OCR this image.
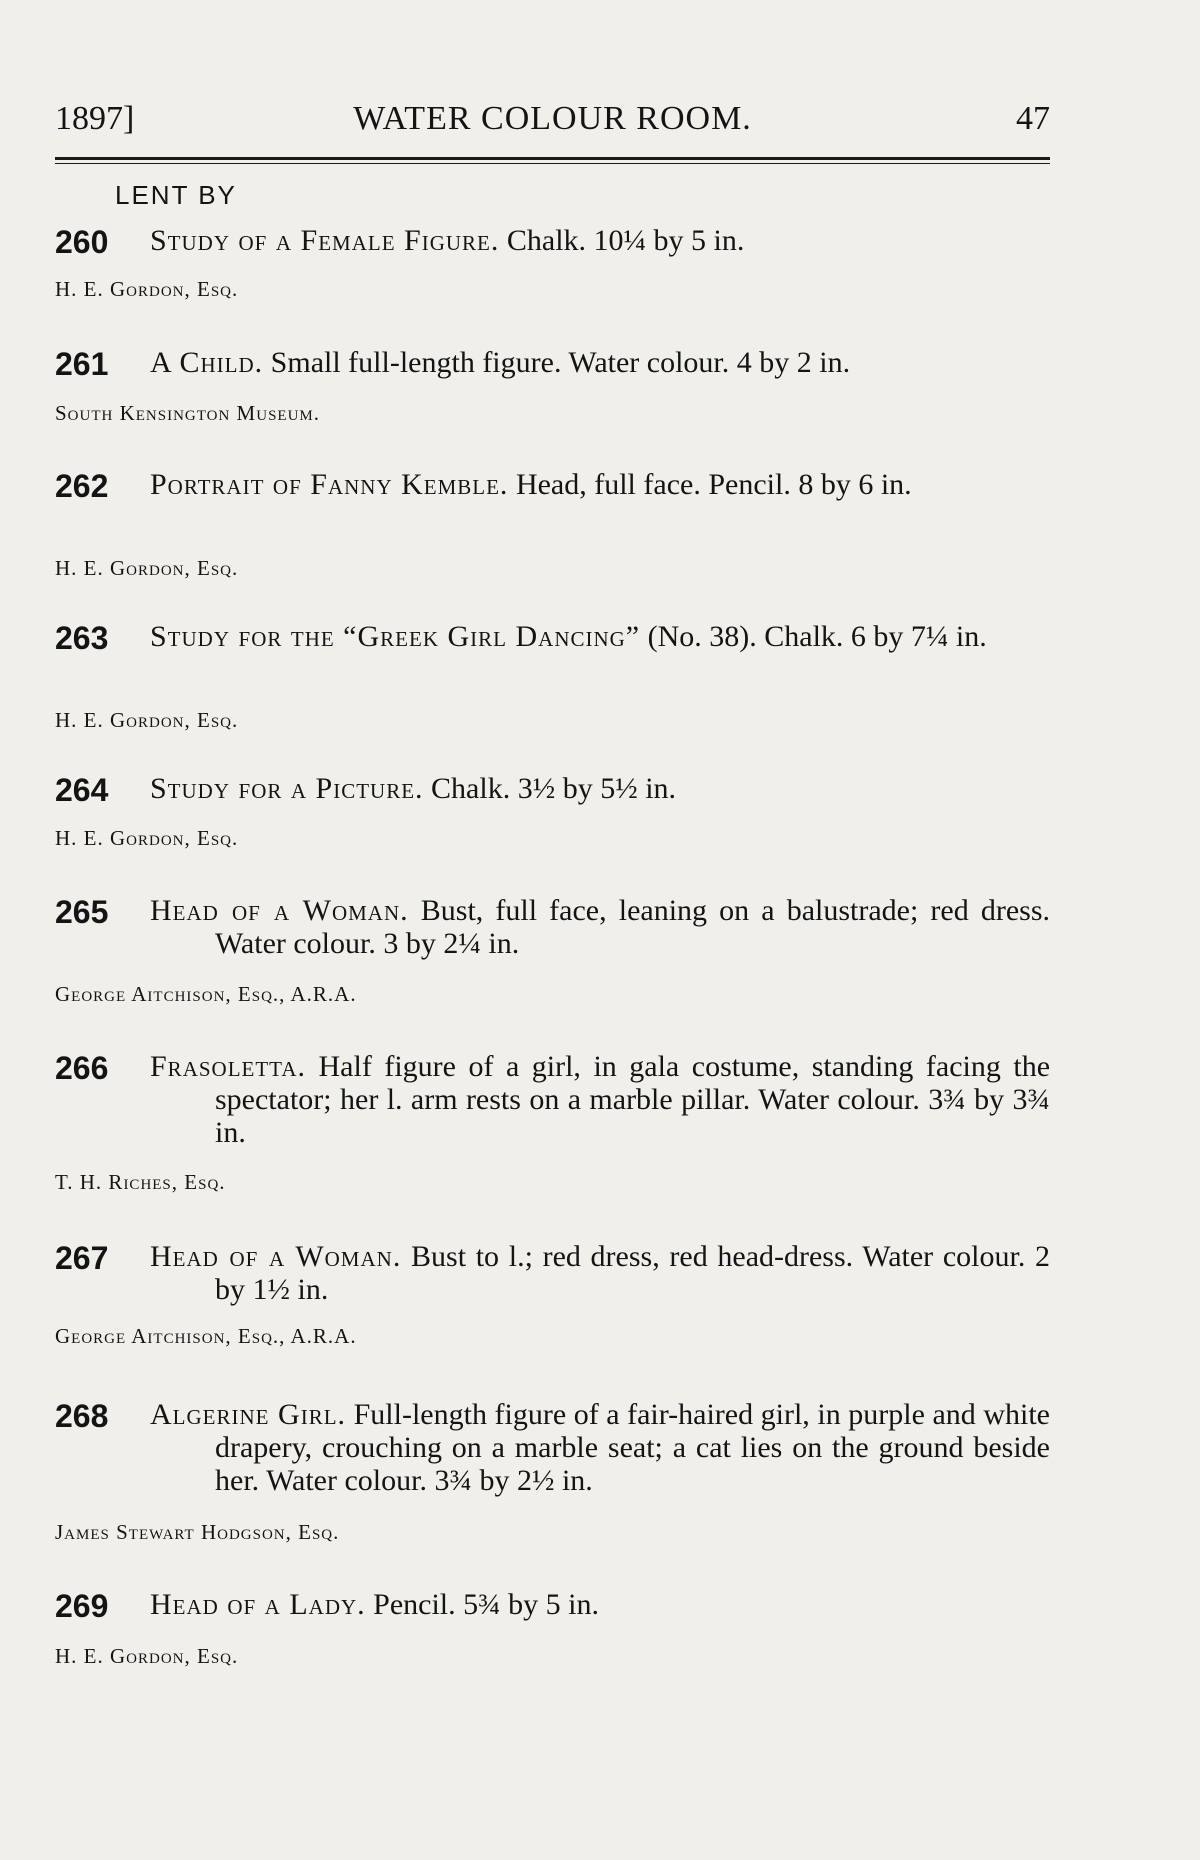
1897]	WATER COLOUR ROOM.	47
LENT BY
260 Study of a Female Figure. Chalk. 10¼ by 5 in.
H. E. Gordon, Esq.
261 A Child. Small full-length figure. Water colour. 4 by 2 in.
South Kensington Museum.
262 Portrait of Fanny Kemble. Head, full face. Pencil. 8 by 6 in.
H. E. Gordon, Esq.
263 Study for the “Greek Girl Dancing” (No. 38). Chalk. 6 by 7¼ in.
H. E. Gordon, Esq.
264 Study for a Picture. Chalk. 3½ by 5½ in.
H. E. Gordon, Esq.
265 Head of a Woman. Bust, full face, leaning on a balustrade; red dress. Water colour. 3 by 2¼ in.
George Aitchison, Esq., A.R.A.
266 Frasoletta. Half figure of a girl, in gala costume, standing facing the spectator; her l. arm rests on a marble pillar. Water colour. 3¾ by 3¾ in.
T. H. Riches, Esq.
267 Head of a Woman. Bust to l.; red dress, red head-dress. Water colour. 2 by 1½ in.
George Aitchison, Esq., A.R.A.
268 Algerine Girl. Full-length figure of a fair-haired girl, in purple and white drapery, crouching on a marble seat; a cat lies on the ground beside her. Water colour. 3¾ by 2½ in.
James Stewart Hodgson, Esq.
269 Head of a Lady. Pencil. 5¾ by 5 in.
H. E. Gordon, Esq.
